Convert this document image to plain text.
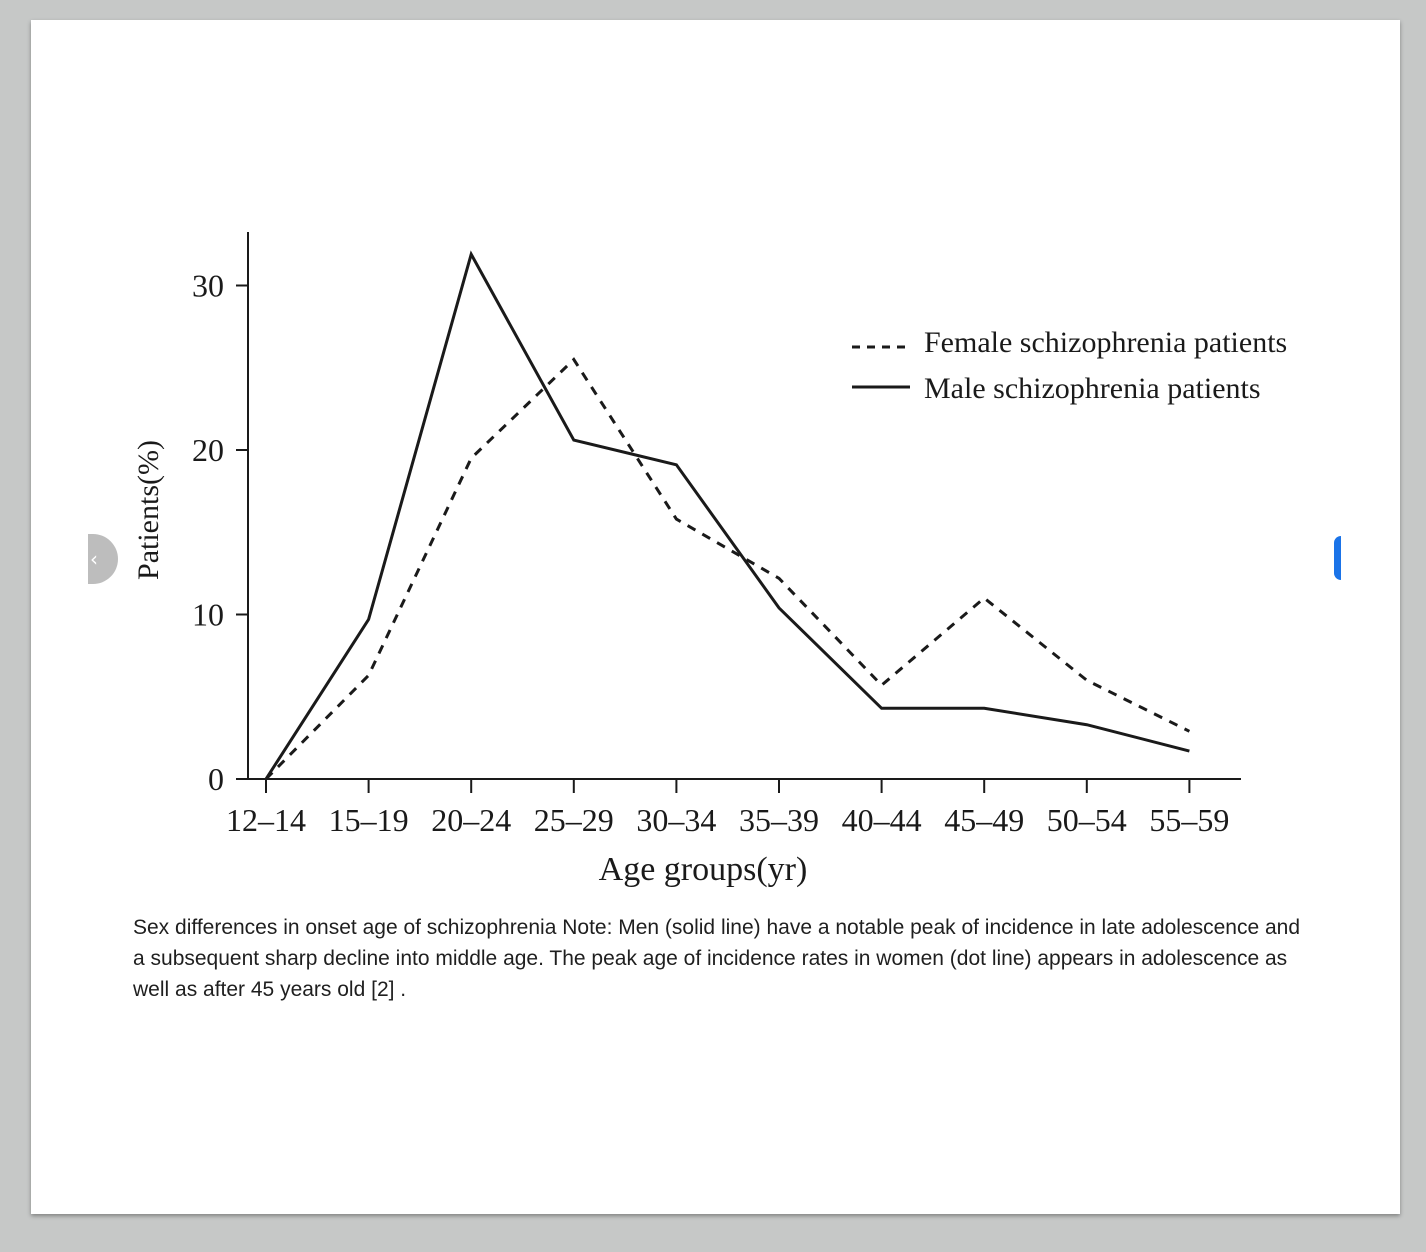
0
10
20
30
12–14 15–19 20–24 25–29 30–34 35–39 40–44 45–49 50–54 55–59
Age groups(yr)
Patients(%)
Female schizophrenia patients
Male schizophrenia patients

Sex differences in onset age of schizophrenia Note: Men (solid line) have a notable peak of incidence in late adolescence and a subsequent sharp decline into middle age. The peak age of incidence rates in women (dot line) appears in adolescence as well as after 45 years old [2] .

‹
